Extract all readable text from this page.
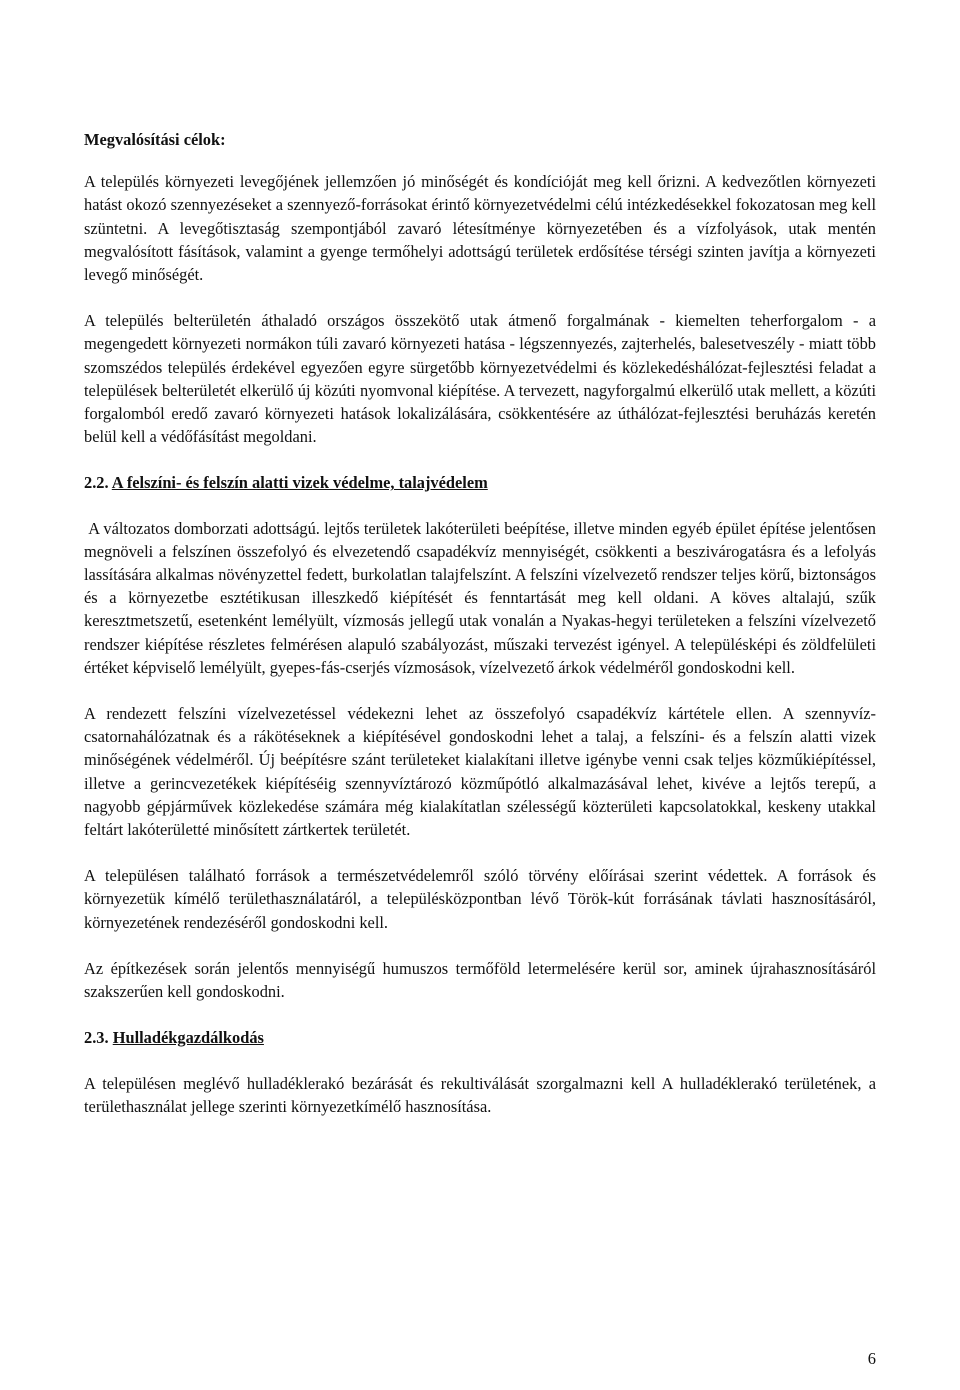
Megvalósítási célok:

A település környezeti levegőjének jellemzően jó minőségét és kondícióját meg kell őrizni. A kedvezőtlen környezeti hatást okozó szennyezéseket a szennyező-forrásokat érintő környezetvédelmi célú intézkedésekkel fokozatosan meg kell szüntetni. A levegőtisztaság szempontjából zavaró létesítménye környezetében és a vízfolyások, utak mentén megvalósított fásítások, valamint a gyenge termőhelyi adottságú területek erdősítése térségi szinten javítja a környezeti levegő minőségét.

A település belterületén áthaladó országos összekötő utak átmenő forgalmának - kiemelten teherforgalom - a megengedett környezeti normákon túli zavaró környezeti hatása - légszennyezés, zajterhelés, balesetveszély - miatt több szomszédos település érdekével egyezően egyre sürgetőbb környezetvédelmi és közlekedéshálózat-fejlesztési feladat a települések belterületét elkerülő új közúti nyomvonal kiépítése. A tervezett, nagyforgalmú elkerülő utak mellett, a közúti forgalomból eredő zavaró környezeti hatások lokalizálására, csökkentésére az úthálózat-fejlesztési beruházás keretén belül kell a védőfásítást megoldani.

2.2. A felszíni- és felszín alatti vizek védelme, talajvédelem

A változatos domborzati adottságú. lejtős területek lakóterületi beépítése, illetve minden egyéb épület építése jelentősen megnöveli a felszínen összefolyó és elvezetendő csapadékvíz mennyiségét, csökkenti a beszivárogatásra és a lefolyás lassítására alkalmas növényzettel fedett, burkolatlan talajfelszínt. A felszíni vízelvezető rendszer teljes körű, biztonságos és a környezetbe esztétikusan illeszkedő kiépítését és fenntartását meg kell oldani. A köves altalajú, szűk keresztmetszetű, esetenként lemélyült, vízmosás jellegű utak vonalán a Nyakas-hegyi területeken a felszíni vízelvezető rendszer kiépítése részletes felmérésen alapuló szabályozást, műszaki tervezést igényel. A településképi és zöldfelületi értéket képviselő lemélyült, gyepes-fás-cserjés vízmosások, vízelvezető árkok védelméről gondoskodni kell.

A rendezett felszíni vízelvezetéssel védekezni lehet az összefolyó csapadékvíz kártétele ellen. A szennyvíz-csatornahálózatnak és a rákötéseknek a kiépítésével gondoskodni lehet a talaj, a felszíni- és a felszín alatti vizek minőségének védelméről. Új beépítésre szánt területeket kialakítani illetve igénybe venni csak teljes közműkiépítéssel, illetve a gerincvezetékek kiépítéséig szennyvíztározó közműpótló alkalmazásával lehet, kivéve a lejtős terepű, a nagyobb gépjárművek közlekedése számára még kialakítatlan szélességű közterületi kapcsolatokkal, keskeny utakkal feltárt lakóterületté minősített zártkertek területét.

A településen található források a természetvédelemről szóló törvény előírásai szerint védettek. A források és környezetük kímélő területhasználatáról, a településközpontban lévő Török-kút forrásának távlati hasznosításáról, környezetének rendezéséről gondoskodni kell.

Az építkezések során jelentős mennyiségű humuszos termőföld letermelésére kerül sor, aminek újrahasznosításáról szakszerűen kell gondoskodni.

2.3. Hulladékgazdálkodás

A településen meglévő hulladéklerakó bezárását és rekultiválását szorgalmazni kell A hulladéklerakó területének, a területhasználat jellege szerinti környezetkímélő hasznosítása.

6
